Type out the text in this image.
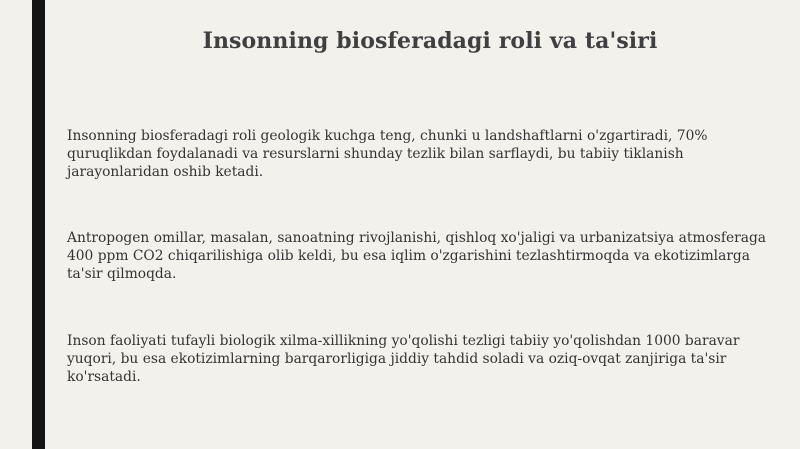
Insonning biosferadagi roli va ta'siri

Insonning biosferadagi roli geologik kuchga teng, chunki u landshaftlarni o'zgartiradi, 70% quruqlikdan foydalanadi va resurslarni shunday tezlik bilan sarflaydi, bu tabiiy tiklanish jarayonlaridan oshib ketadi.

Antropogen omillar, masalan, sanoatning rivojlanishi, qishloq xo'jaligi va urbanizatsiya atmosferaga 400 ppm CO2 chiqarilishiga olib keldi, bu esa iqlim o'zgarishini tezlashtirmoqda va ekotizimlarga ta'sir qilmoqda.

Inson faoliyati tufayli biologik xilma-xillikning yo'qolishi tezligi tabiiy yo'qolishdan 1000 baravar yuqori, bu esa ekotizimlarning barqarorligiga jiddiy tahdid soladi va oziq-ovqat zanjiriga ta'sir ko'rsatadi.
